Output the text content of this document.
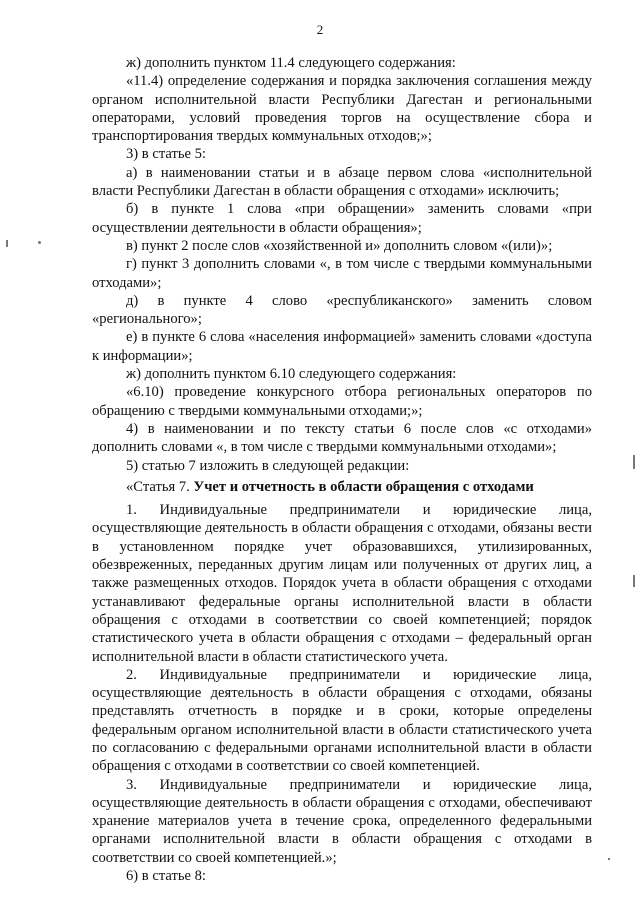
2

ж) дополнить пунктом 11.4 следующего содержания:

«11.4) определение содержания и порядка заключения соглашения между органом исполнительной власти Республики Дагестан и региональными операторами, условий проведения торгов на осуществление сбора и транспортирования твердых коммунальных отходов;»;

3) в статье 5:

а) в наименовании статьи и в абзаце первом слова «исполнительной власти Республики Дагестан в области обращения с отходами» исключить;

б) в пункте 1 слова «при обращении» заменить словами «при осуществлении деятельности в области обращения»;

в) пункт 2 после слов «хозяйственной и» дополнить словом «(или)»;

г) пункт 3 дополнить словами «, в том числе с твердыми коммунальными отходами»;

д) в пункте 4 слово «республиканского» заменить словом «регионального»;

е) в пункте 6 слова «населения информацией» заменить словами «доступа к информации»;

ж) дополнить пунктом 6.10 следующего содержания:

«6.10) проведение конкурсного отбора региональных операторов по обращению с твердыми коммунальными отходами;»;

4) в наименовании и по тексту статьи 6 после слов «с отходами» дополнить словами «, в том числе с твердыми коммунальными отходами»;

5) статью 7 изложить в следующей редакции:

«Статья 7. Учет и отчетность в области обращения с отходами

1. Индивидуальные предприниматели и юридические лица, осуществляющие деятельность в области обращения с отходами, обязаны вести в установленном порядке учет образовавшихся, утилизированных, обезвреженных, переданных другим лицам или полученных от других лиц, а также размещенных отходов. Порядок учета в области обращения с отходами устанавливают федеральные органы исполнительной власти в области обращения с отходами в соответствии со своей компетенцией; порядок статистического учета в области обращения с отходами – федеральный орган исполнительной власти в области статистического учета.

2. Индивидуальные предприниматели и юридические лица, осуществляющие деятельность в области обращения с отходами, обязаны представлять отчетность в порядке и в сроки, которые определены федеральным органом исполнительной власти в области статистического учета по согласованию с федеральными органами исполнительной власти в области обращения с отходами в соответствии со своей компетенцией.

3. Индивидуальные предприниматели и юридические лица, осуществляющие деятельность в области обращения с отходами, обеспечивают хранение материалов учета в течение срока, определенного федеральными органами исполнительной власти в области обращения с отходами в соответствии со своей компетенцией.»;

6) в статье 8:
